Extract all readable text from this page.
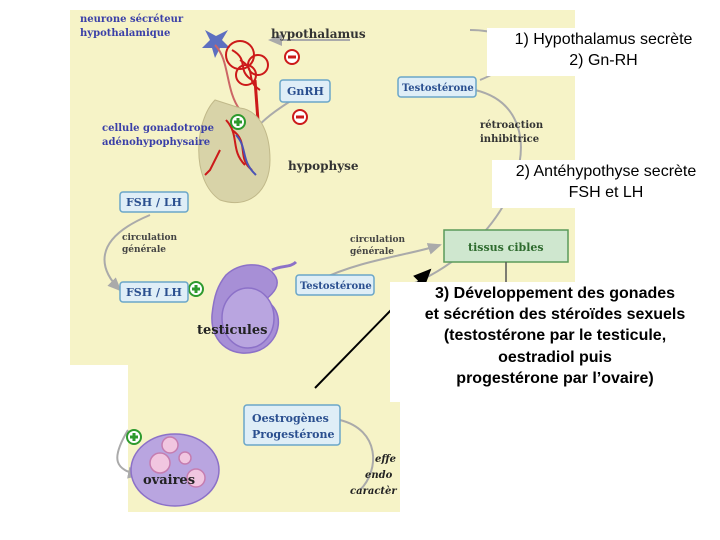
neurone sécréteur
hypothalamique
cellule gonadotrope
adénohypophysaire
hypothalamus
GnRH	Testostérone
rétroaction
inhibitrice
hypophyse
FSH / LH
circulation
générale
circulation
générale	tissus cibles
FSH / LH	Testostérone
testicules
Oestrogènes
Progestérone
ovaires
effe
endo
caractèr
1) Hypothalamus secrète
2) Gn-RH
2) Antéhypothyse secrète
FSH et LH
3) Développement des gonades
et sécrétion des stéroïdes sexuels
(testostérone par le testicule,
oestradiol puis
progestérone par l’ovaire)
